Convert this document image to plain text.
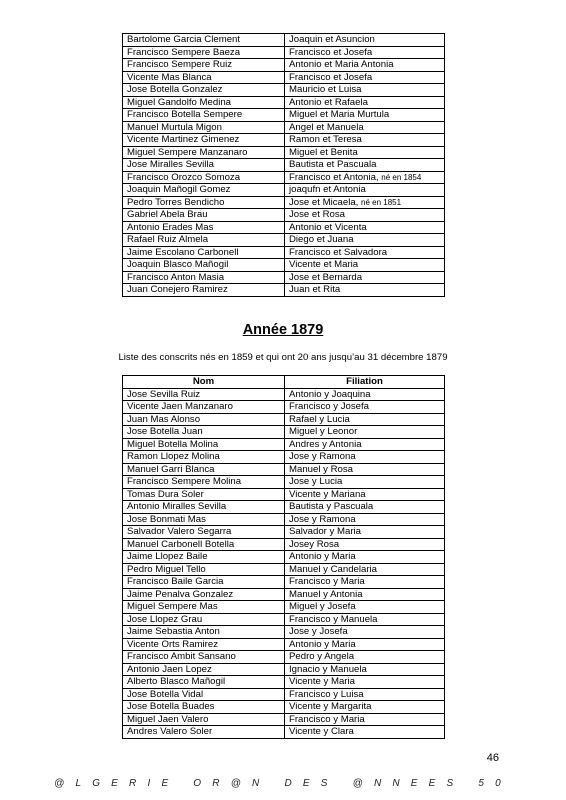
Bartolome Garcia Clement	Joaquin et Asuncion
Francisco Sempere Baeza	Francisco et Josefa
Francisco Sempere Ruiz	Antonio et Maria Antonia
Vicente Mas Blanca	Francisco et Josefa
Jose Botella Gonzalez	Mauricio et Luisa
Miguel Gandolfo Medina	Antonio et Rafaela
Francisco Botella Sempere	Miguel et Maria Murtula
Manuel Murtula Migon	Angel et Manuela
Vicente Martinez Gimenez	Ramon et Teresa
Miguel Sempere Manzanaro	Miguel et Benita
Jose Miralles Sevilla	Bautista et Pascuala
Francisco Orozco Somoza	Francisco et Antonia, né en 1854
Joaquin Mañogil Gomez	joaqufn et Antonia
Pedro Torres Bendicho	Jose et Micaela, né en 1851
Gabriel Abela Brau	Jose et Rosa
Antonio Erades Mas	Antonio et Vicenta
Rafael Ruiz Almela	Diego et Juana
Jaime Escolano Carbonell	Francisco et Salvadora
Joaquin Blasco Mañogil	Vicente et Maria
Francisco Anton Masia	Jose et Bernarda
Juan Conejero Ramirez	Juan et Rita
Année 1879
Liste des conscrits nés en 1859 et qui ont 20 ans jusqu’au 31 décembre 1879
Nom	Filiation
Jose Sevilla Ruiz	Antonio y Joaquina
Vicente Jaen Manzanaro	Francisco y Josefa
Juan Mas Alonso	Rafael y Lucia
Jose Botella Juan	Miguel y Leonor
Miguel Botella Molina	Andres y Antonia
Ramon Llopez Molina	Jose y Ramona
Manuel Garri Blanca	Manuel y Rosa
Francisco Sempere Molina	Jose y Lucia
Tomas Dura Soler	Vicente y Mariana
Antonio Miralles Sevilla	Bautista y Pascuala
Jose Bonmati Mas	Jose y Ramona
Salvador Valero Segarra	Salvador y Maria
Manuel Carbonell Botella	Josey Rosa
Jaime Llopez Baile	Antonio y Maria
Pedro Miguel Tello	Manuel y Candelaria
Francisco Baile Garcia	Francisco y Maria
Jaime Penalva Gonzalez	Manuel y Antonia
Miguel Sempere Mas	Miguel y Josefa
Jose Llopez Grau	Francisco y Manuela
Jaime Sebastia Anton	Jose y Josefa
Vicente Orts Ramirez	Antonio y Maria
Francisco Ambit Sansano	Pedro y Angela
Antonio Jaen Lopez	Ignacio y Manuela
Alberto Blasco Mañogil	Vicente y Maria
Jose Botella Vidal	Francisco y Luisa
Jose Botella Buades	Vicente y Margarita
Miguel Jaen Valero	Francisco y Maria
Andres Valero Soler	Vicente y Clara
46
@LGERIE OR@N DES @NNEES 50
